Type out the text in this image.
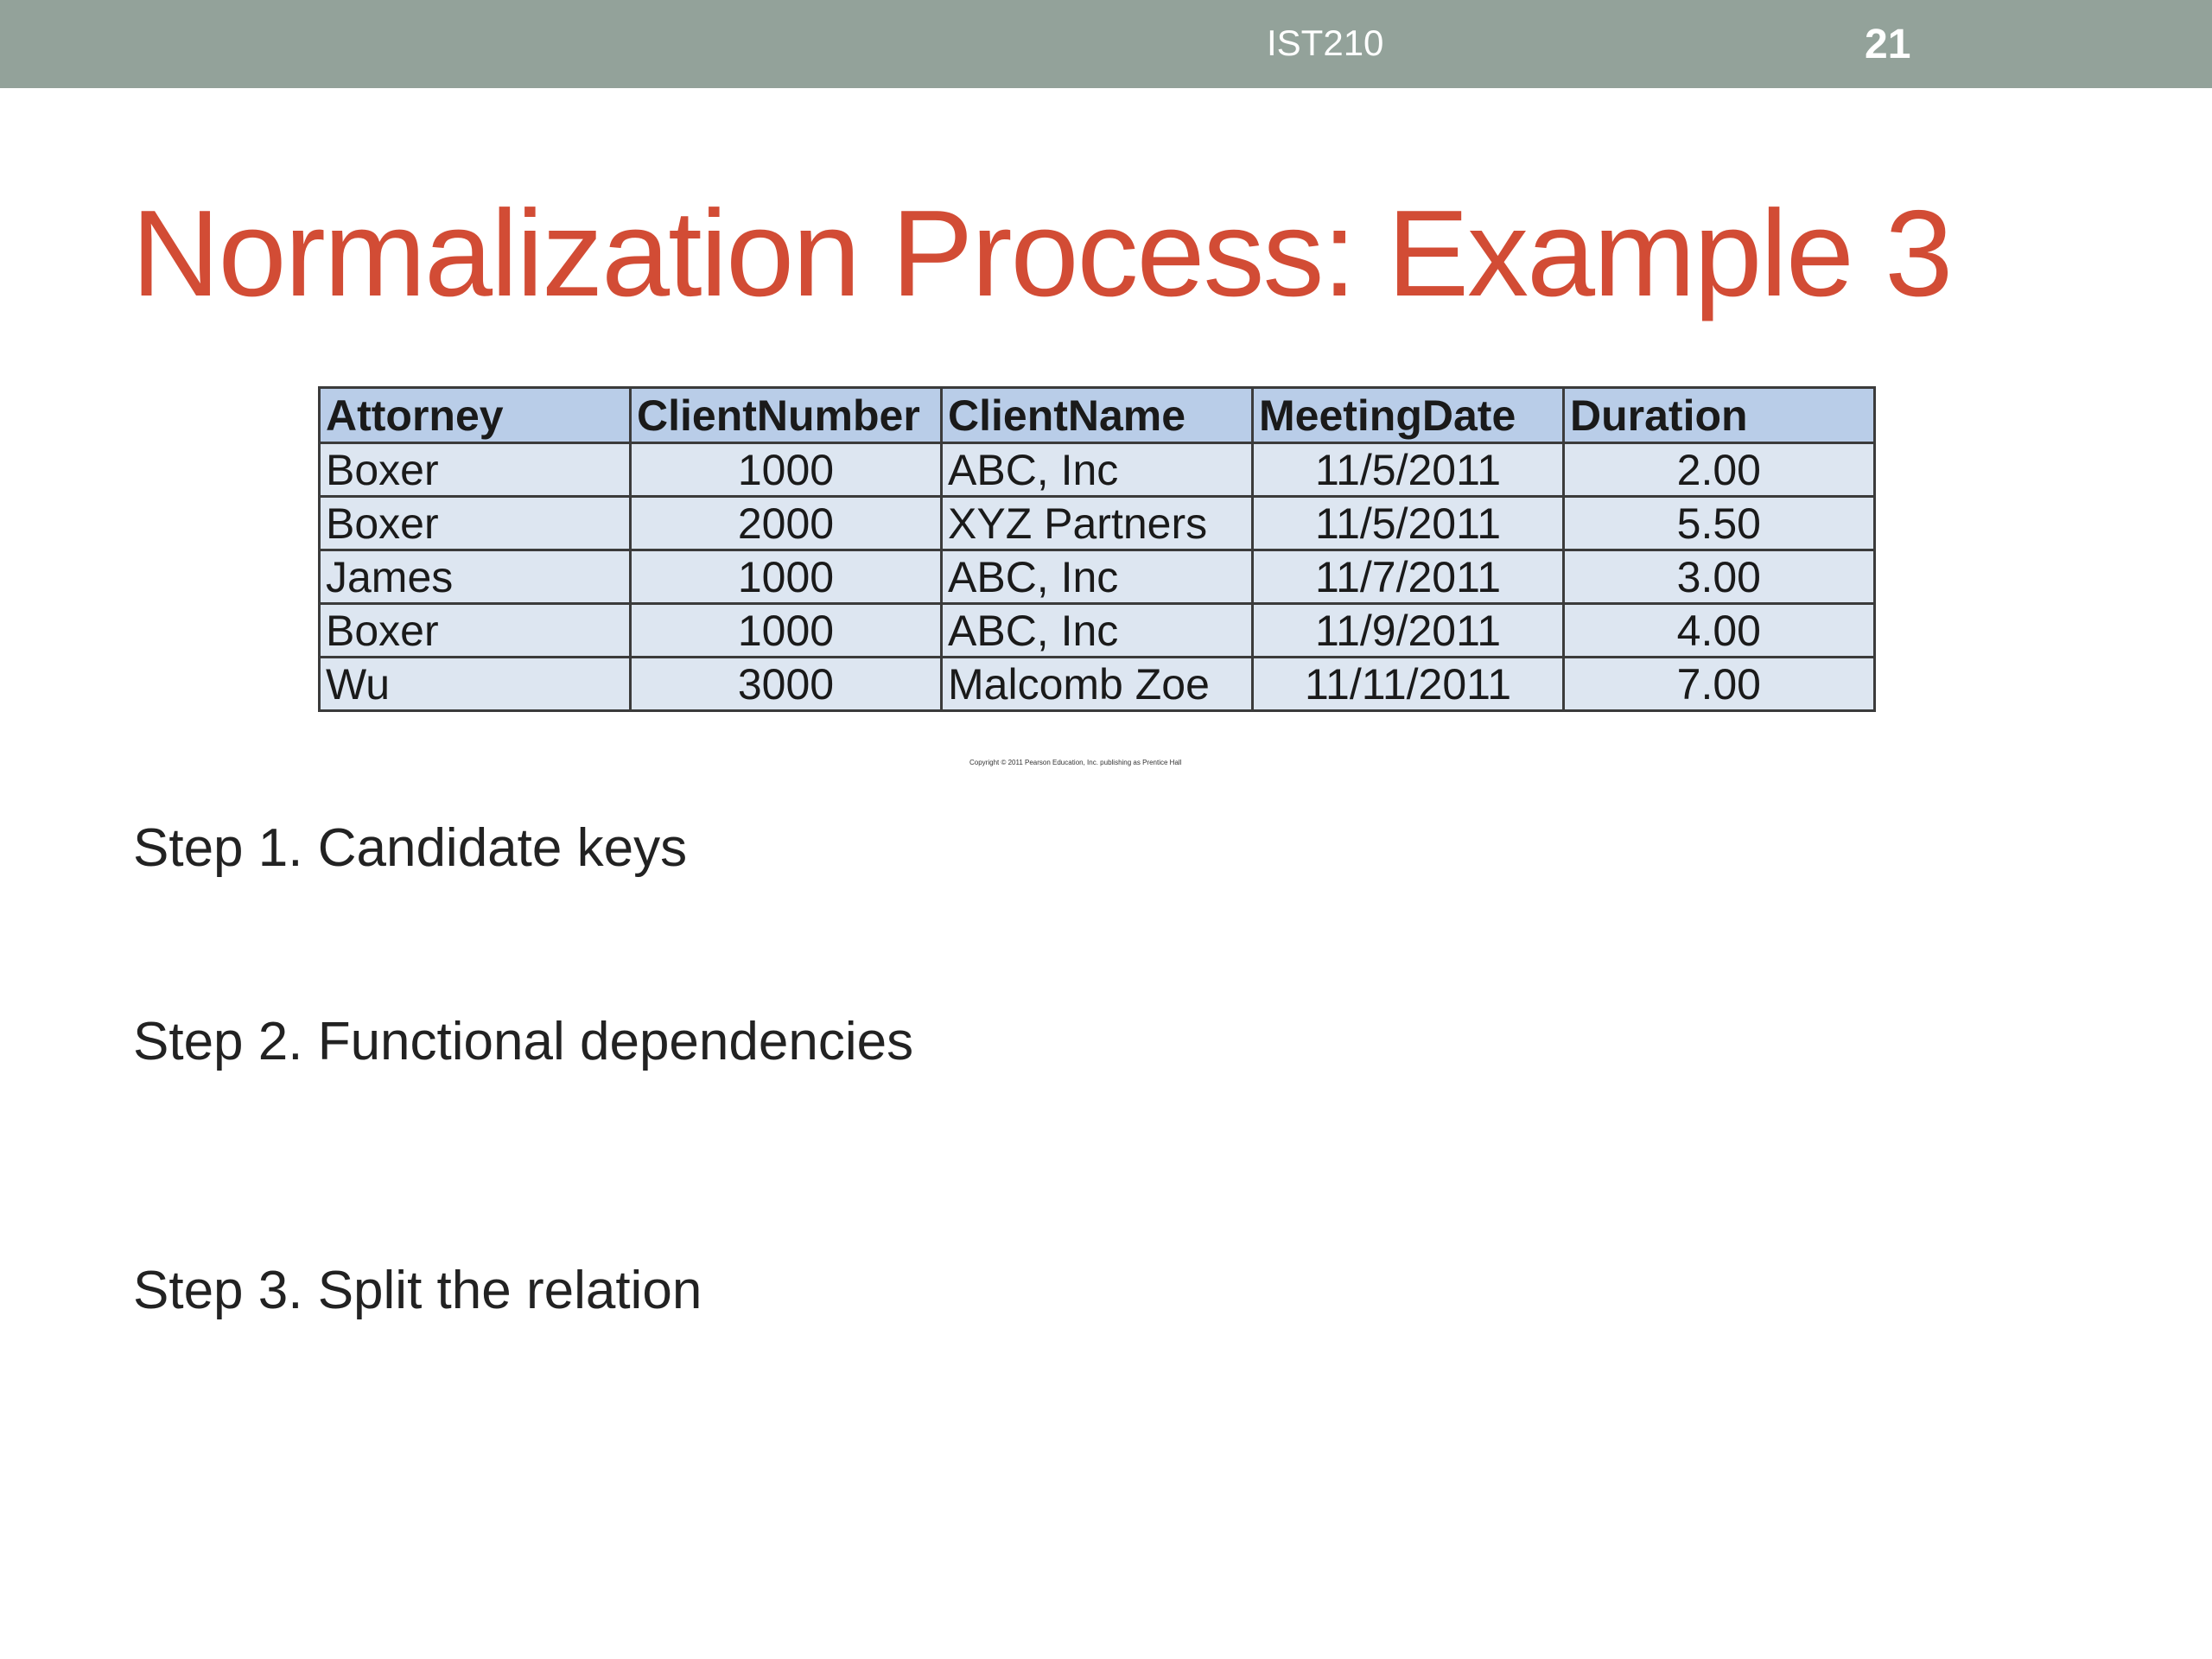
IST210	21
Normalization Process: Example 3
Attorney	ClientNumber	ClientName	MeetingDate	Duration
Boxer	1000	ABC, Inc	11/5/2011	2.00
Boxer	2000	XYZ Partners	11/5/2011	5.50
James	1000	ABC, Inc	11/7/2011	3.00
Boxer	1000	ABC, Inc	11/9/2011	4.00
Wu	3000	Malcomb Zoe	11/11/2011	7.00
Copyright © 2011 Pearson Education, Inc. publishing as Prentice Hall
Step 1. Candidate keys
Step 2. Functional dependencies
Step 3. Split the relation
